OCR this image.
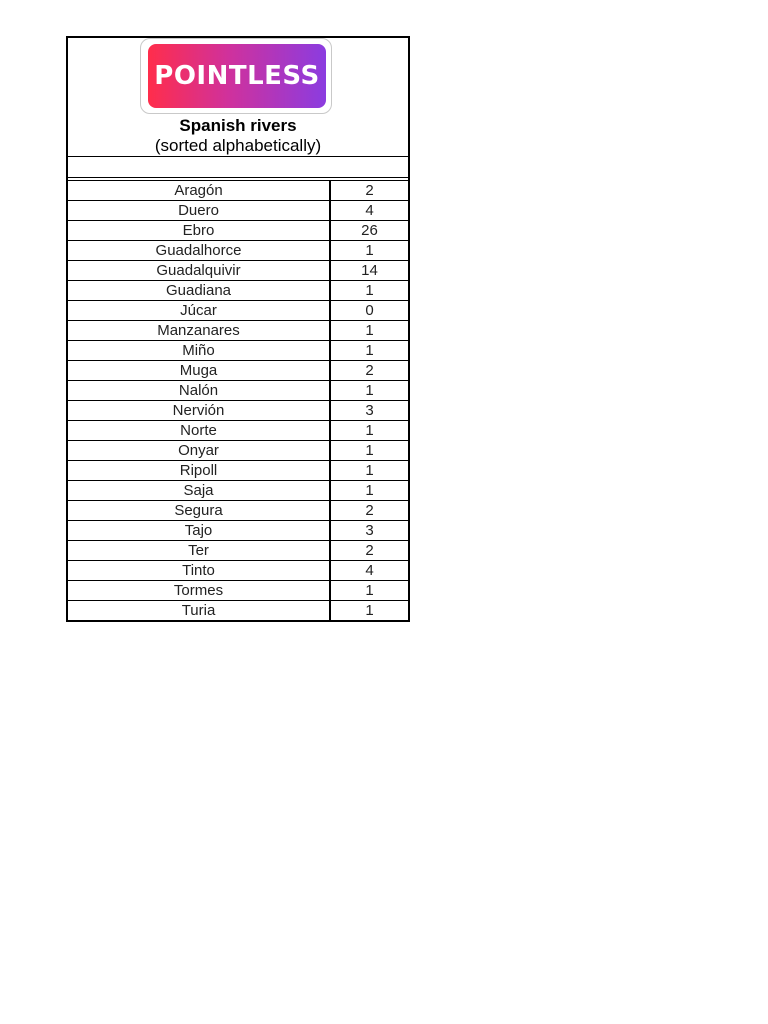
POINTLESS
Spanish rivers
(sorted alphabetically)
Aragón	2
Duero	4
Ebro	26
Guadalhorce	1
Guadalquivir	14
Guadiana	1
Júcar	0
Manzanares	1
Miño	1
Muga	2
Nalón	1
Nervión	3
Norte	1
Onyar	1
Ripoll	1
Saja	1
Segura	2
Tajo	3
Ter	2
Tinto	4
Tormes	1
Turia	1
